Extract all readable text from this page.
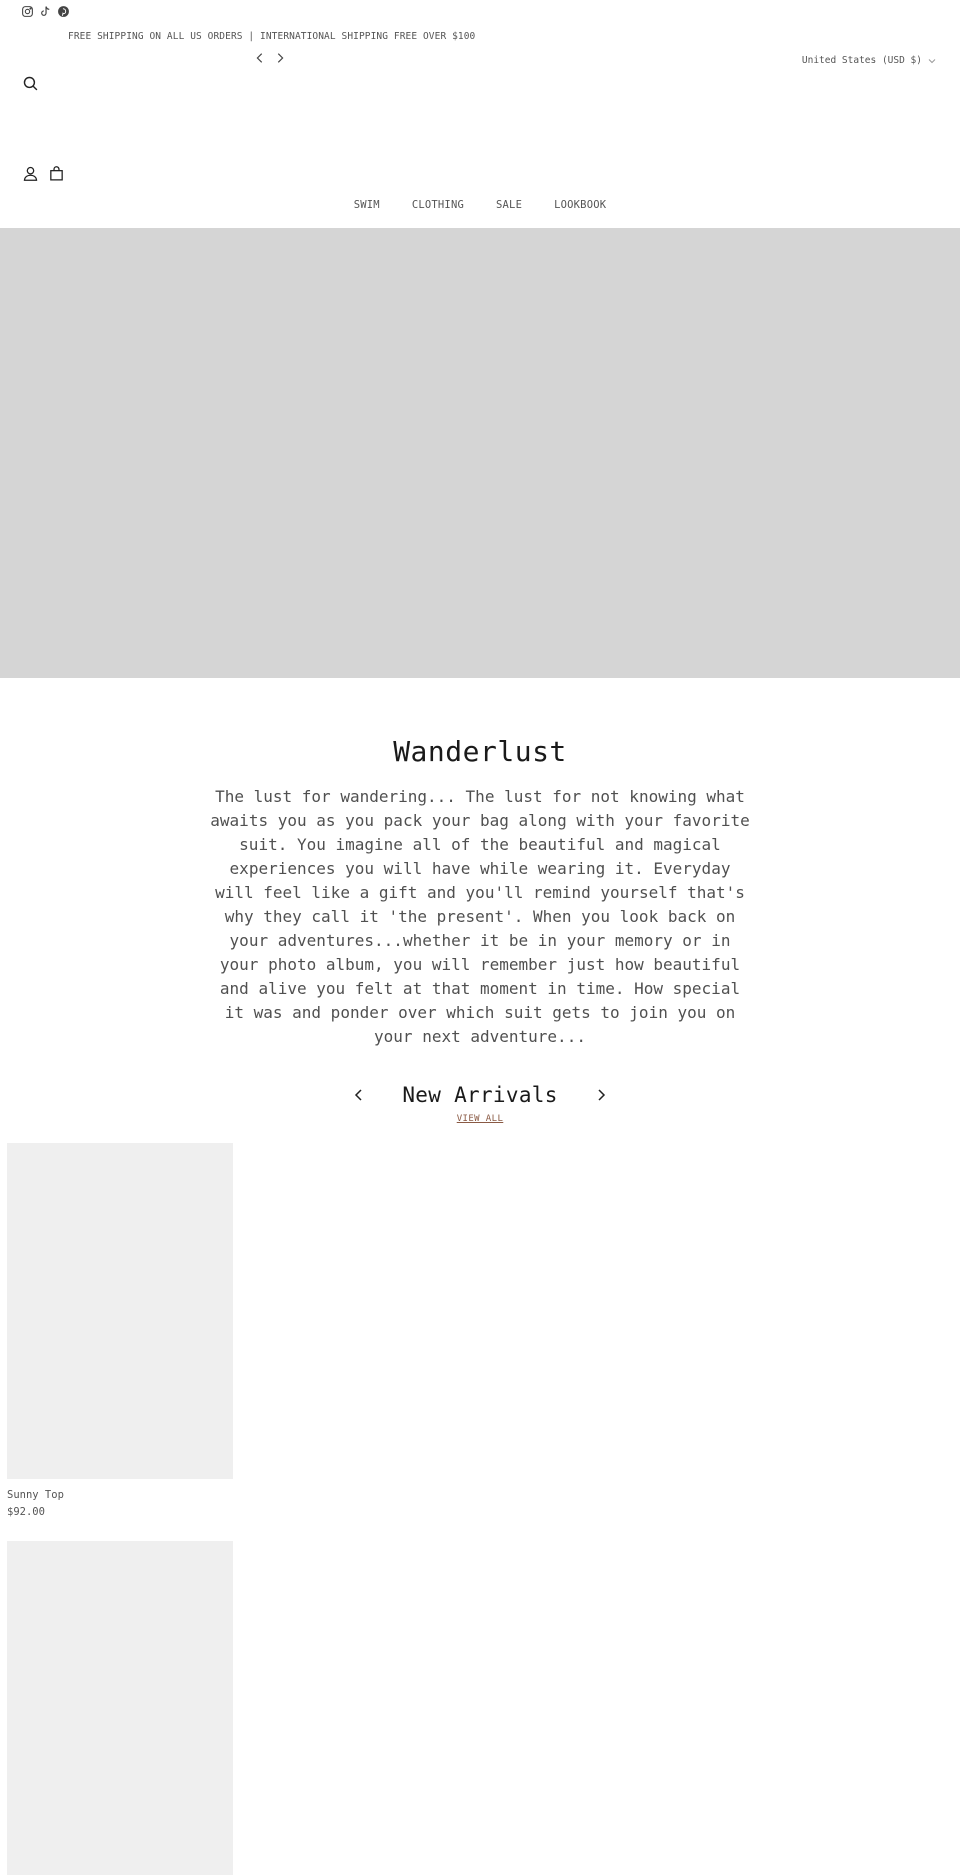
FREE SHIPPING ON ALL US ORDERS | INTERNATIONAL SHIPPING FREE OVER $100
United States (USD $)
SWIM	CLOTHING	SALE	LOOKBOOK
Wanderlust

The lust for wandering... The lust for not knowing what awaits you as you pack your bag along with your favorite suit. You imagine all of the beautiful and magical experiences you will have while wearing it. Everyday will feel like a gift and you'll remind yourself that's why they call it 'the present'. When you look back on your adventures...whether it be in your memory or in your photo album, you will remember just how beautiful and alive you felt at that moment in time. How special it was and ponder over which suit gets to join you on your next adventure...

New Arrivals
VIEW ALL
Sunny Top
$92.00
